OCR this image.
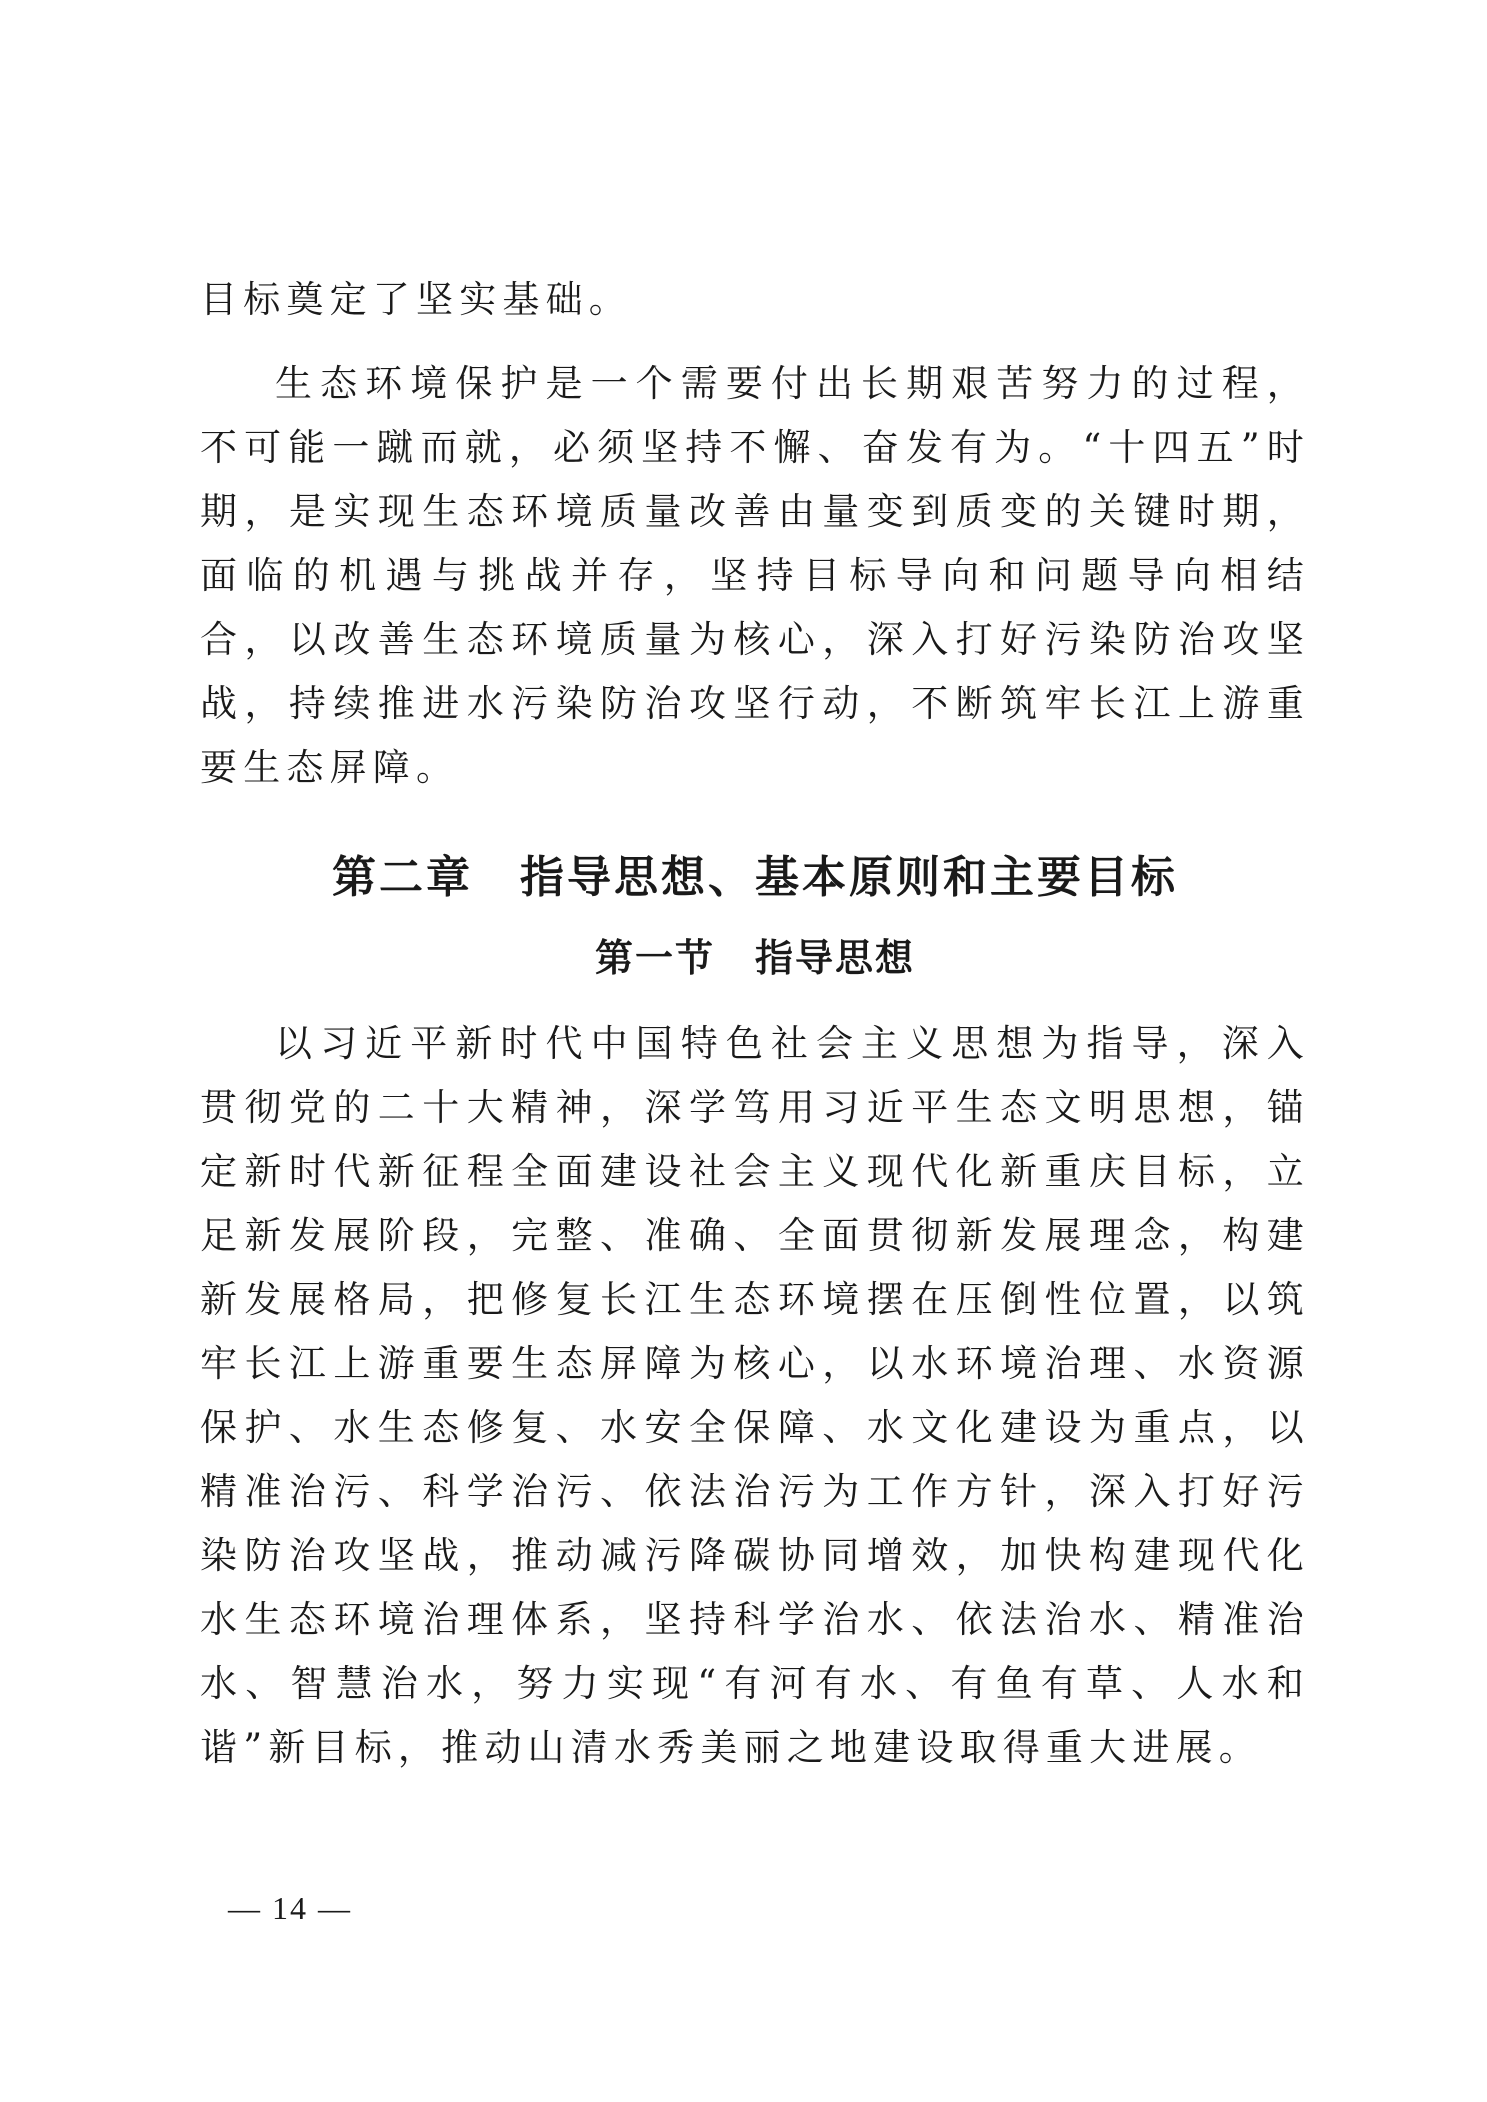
目标奠定了坚实基础。

生态环境保护是一个需要付出长期艰苦努力的过程，不可能一蹴而就，必须坚持不懈、奋发有为。“十四五”时期，是实现生态环境质量改善由量变到质变的关键时期，面临的机遇与挑战并存，坚持目标导向和问题导向相结合，以改善生态环境质量为核心，深入打好污染防治攻坚战，持续推进水污染防治攻坚行动，不断筑牢长江上游重要生态屏障。

第二章　指导思想、基本原则和主要目标
第一节　指导思想

以习近平新时代中国特色社会主义思想为指导，深入贯彻党的二十大精神，深学笃用习近平生态文明思想，锚定新时代新征程全面建设社会主义现代化新重庆目标，立足新发展阶段，完整、准确、全面贯彻新发展理念，构建新发展格局，把修复长江生态环境摆在压倒性位置，以筑牢长江上游重要生态屏障为核心，以水环境治理、水资源保护、水生态修复、水安全保障、水文化建设为重点，以精准治污、科学治污、依法治污为工作方针，深入打好污染防治攻坚战，推动减污降碳协同增效，加快构建现代化水生态环境治理体系，坚持科学治水、依法治水、精准治水、智慧治水，努力实现“有河有水、有鱼有草、人水和谐”新目标，推动山清水秀美丽之地建设取得重大进展。

— 14 —
